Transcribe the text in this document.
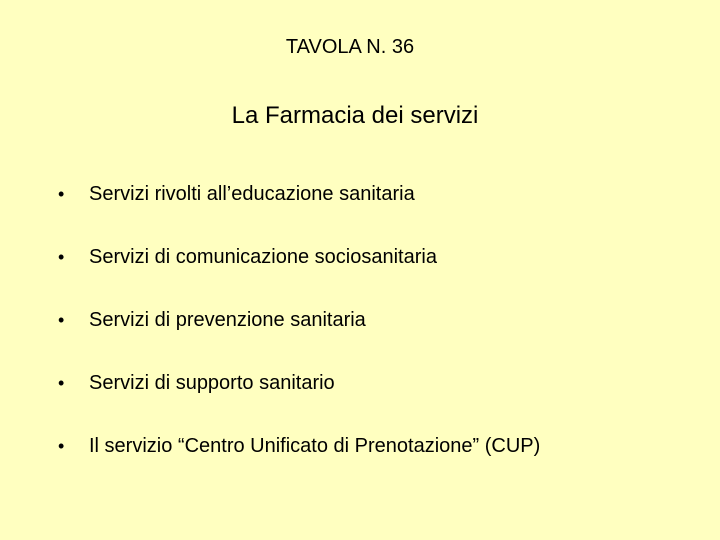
TAVOLA N. 36
La Farmacia dei servizi
•	Servizi rivolti all’educazione sanitaria
•	Servizi di comunicazione sociosanitaria
•	Servizi di prevenzione sanitaria
•	Servizi di supporto sanitario
•	Il servizio “Centro Unificato di Prenotazione” (CUP)
